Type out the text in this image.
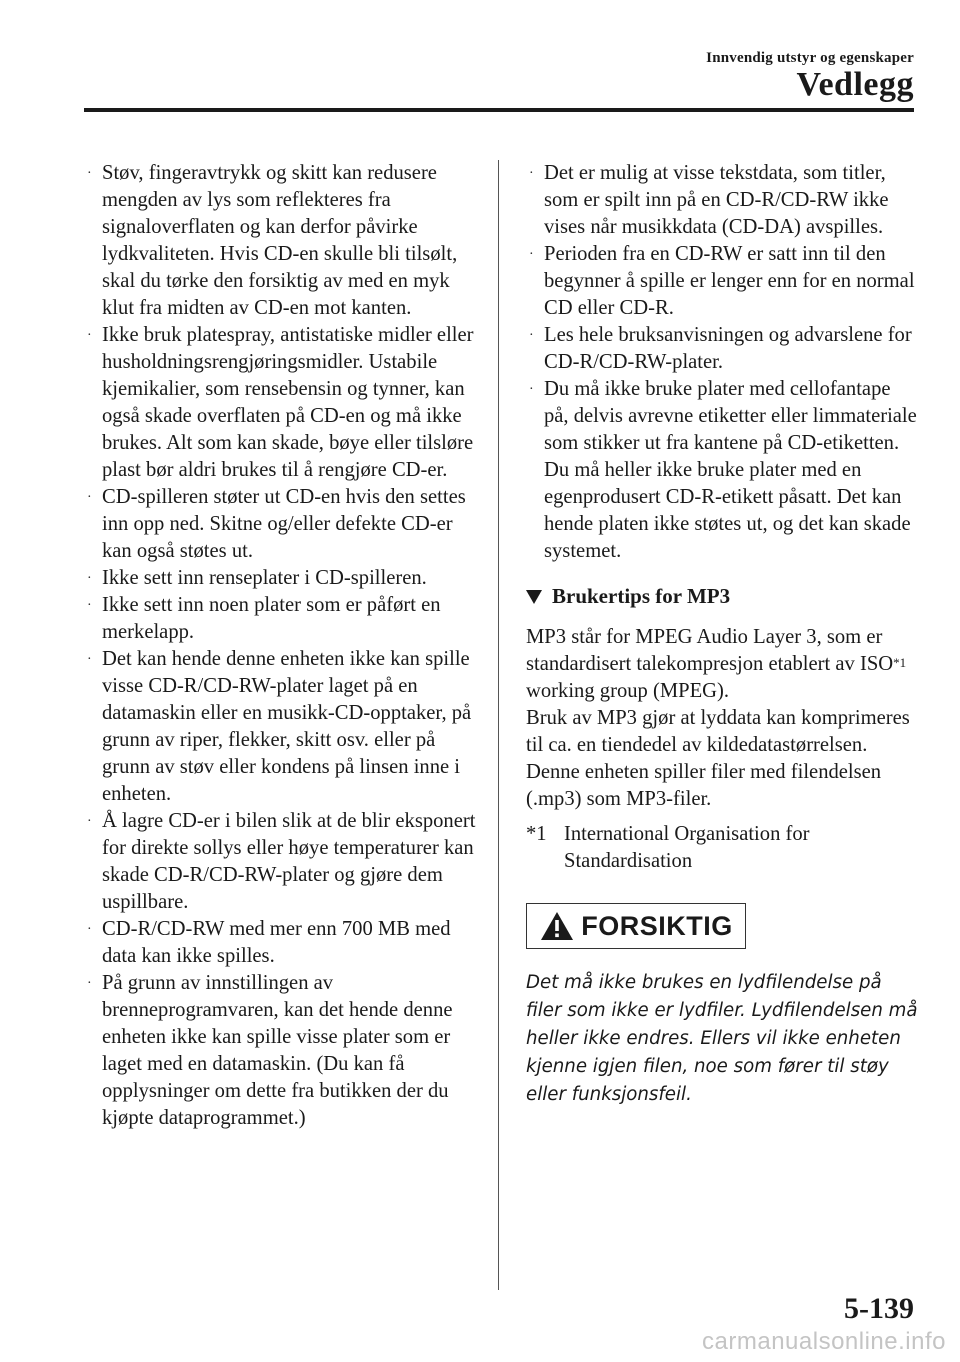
Innvendig utstyr og egenskaper
Vedlegg
· Støv, fingeravtrykk og skitt kan redusere mengden av lys som reflekteres fra signaloverflaten og kan derfor påvirke lydkvaliteten. Hvis CD-en skulle bli tilsølt, skal du tørke den forsiktig av med en myk klut fra midten av CD-en mot kanten.
· Ikke bruk platespray, antistatiske midler eller husholdningsrengjøringsmidler. Ustabile kjemikalier, som rensebensin og tynner, kan også skade overflaten på CD-en og må ikke brukes. Alt som kan skade, bøye eller tilsløre plast bør aldri brukes til å rengjøre CD-er.
· CD-spilleren støter ut CD-en hvis den settes inn opp ned. Skitne og/eller defekte CD-er kan også støtes ut.
· Ikke sett inn renseplater i CD-spilleren.
· Ikke sett inn noen plater som er påført en merkelapp.
· Det kan hende denne enheten ikke kan spille visse CD-R/CD-RW-plater laget på en datamaskin eller en musikk-CD-opptaker, på grunn av riper, flekker, skitt osv. eller på grunn av støv eller kondens på linsen inne i enheten.
· Å lagre CD-er i bilen slik at de blir eksponert for direkte sollys eller høye temperaturer kan skade CD-R/CD-RW-plater og gjøre dem uspillbare.
· CD-R/CD-RW med mer enn 700 MB med data kan ikke spilles.
· På grunn av innstillingen av brenneprogramvaren, kan det hende denne enheten ikke kan spille visse plater som er laget med en datamaskin. (Du kan få opplysninger om dette fra butikken der du kjøpte dataprogrammet.)
· Det er mulig at visse tekstdata, som titler, som er spilt inn på en CD-R/CD-RW ikke vises når musikkdata (CD-DA) avspilles.
· Perioden fra en CD-RW er satt inn til den begynner å spille er lenger enn for en normal CD eller CD-R.
· Les hele bruksanvisningen og advarslene for CD-R/CD-RW-plater.
· Du må ikke bruke plater med cellofantape på, delvis avrevne etiketter eller limmateriale som stikker ut fra kantene på CD-etiketten. Du må heller ikke bruke plater med en egenprodusert CD-R-etikett påsatt. Det kan hende platen ikke støtes ut, og det kan skade systemet.
Brukertips for MP3

MP3 står for MPEG Audio Layer 3, som er standardisert talekompresjon etablert av ISO$^{*1}$ working group (MPEG).

Bruk av MP3 gjør at lyddata kan komprimeres til ca. en tiendedel av kildedatastørrelsen.

Denne enheten spiller filer med filendelsen (.mp3) som MP3-filer.

*1 International Organisation for Standardisation
FORSIKTIG
Det må ikke brukes en lydfilendelse på filer som ikke er lydfiler. Lydfilendelsen må heller ikke endres. Ellers vil ikke enheten kjenne igjen filen, noe som fører til støy eller funksjonsfeil.
5-139
carmanualsonline.info
